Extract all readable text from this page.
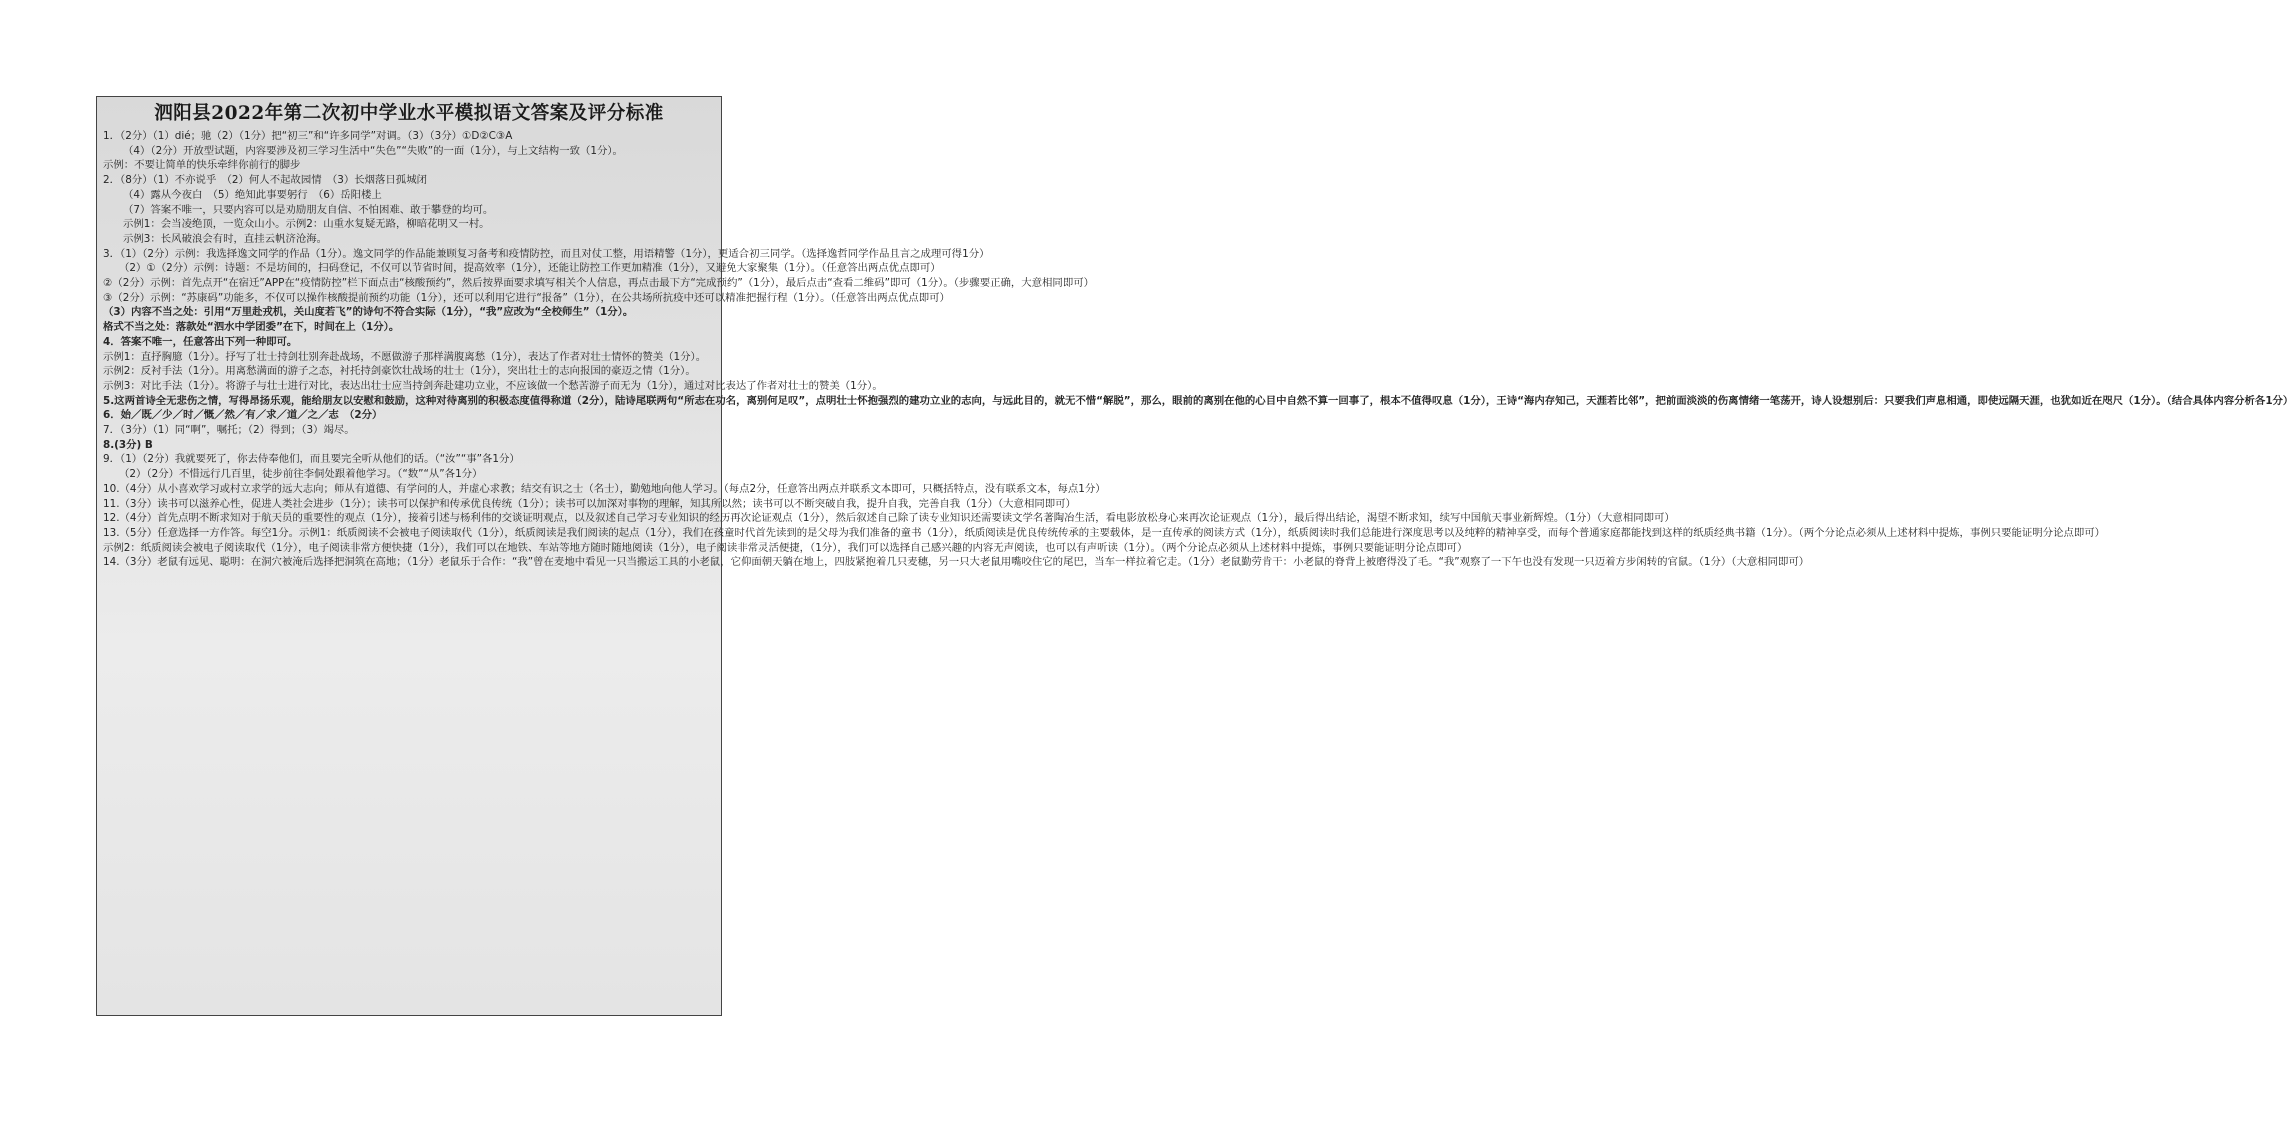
泗阳县2022年第二次初中学业水平模拟语文答案及评分标准

1．（2分）（1）dié；驰（2）（1分）把“初三”和“许多同学”对调。（3）（3分）①D②C③A

（4）（2分）开放型试题，内容要涉及初三学习生活中“失色”“失败”的一面（1分），与上文结构一致（1分）。

示例：不要让简单的快乐牵绊你前行的脚步

2．（8分）（1）不亦说乎　（2）何人不起故园情　（3）长烟落日孤城闭

（4）露从今夜白　（5）绝知此事要躬行　（6）岳阳楼上

（7）答案不唯一，只要内容可以是劝励朋友自信、不怕困难、敢于攀登的均可。

示例1：会当凌绝顶，一览众山小。示例2：山重水复疑无路，柳暗花明又一村。

示例3：长风破浪会有时，直挂云帆济沧海。

3．（1）（2分）示例：我选择逸文同学的作品（1分）。逸文同学的作品能兼顾复习备考和疫情防控，而且对仗工整，用语精警（1分），更适合初三同学。（选择逸哲同学作品且言之成理可得1分）

（2）①（2分）示例：诗题：不是坊间的，扫码登记，不仅可以节省时间，提高效率（1分），还能让防控工作更加精准（1分），又避免大家聚集（1分）。（任意答出两点优点即可）

②（2分）示例：首先点开“在宿迁”APP在“疫情防控”栏下面点击“核酸预约”，然后按界面要求填写相关个人信息，再点击最下方“完成预约”（1分），最后点击“查看二维码”即可（1分）。（步骤要正确，大意相同即可）

③（2分）示例：“苏康码”功能多，不仅可以操作核酸提前预约功能（1分），还可以利用它进行“报备”（1分），在公共场所抗疫中还可以精准把握行程（1分）。（任意答出两点优点即可）

（3）内容不当之处：引用“万里赴戎机，关山度若飞”的诗句不符合实际（1分），“我”应改为“全校师生”（1分）。

格式不当之处：落款处“泗水中学团委”在下，时间在上（1分）。

4．答案不唯一，任意答出下列一种即可。

示例1：直抒胸臆（1分）。抒写了壮士持剑壮别奔赴战场，不愿做游子那样满腹离愁（1分），表达了作者对壮士情怀的赞美（1分）。

示例2：反衬手法（1分）。用离愁满面的游子之态，衬托持剑豪饮壮战场的壮士（1分），突出壮士的志向报国的豪迈之情（1分）。

示例3：对比手法（1分）。将游子与壮士进行对比，表达出壮士应当持剑奔赴建功立业，不应该做一个愁苦游子而无为（1分），通过对比表达了作者对壮士的赞美（1分）。

5.这两首诗全无悲伤之情，写得昂扬乐观，能给朋友以安慰和鼓励，这种对待离别的积极态度值得称道（2分），陆诗尾联两句“所志在功名，离别何足叹”，点明壮士怀抱强烈的建功立业的志向，与远此目的，就无不惜“解脱”，那么，眼前的离别在他的心目中自然不算一回事了，根本不值得叹息（1分），王诗“海内存知己，天涯若比邻”，把前面淡淡的伤离情绪一笔荡开，诗人设想别后：只要我们声息相通，即使远隔天涯，也犹如近在咫尺（1分）。（结合具体内容分析各1分）

6．始／既／少／时／慨／然／有／求／道／之／志　（2分）

7．（3分）（1）同“啊”，嘱托；（2）得到；（3）竭尽。

8.(3分) B

9．（1）（2分）我就要死了，你去侍奉他们，而且要完全听从他们的话。（“汝”“事”各1分）

（2）（2分）不惜远行几百里，徒步前往李侗处跟着他学习。（“数”“从”各1分）

10.（4分）从小喜欢学习或村立求学的远大志向；师从有道德、有学问的人，并虚心求教；结交有识之士（名士），勤勉地向他人学习。（每点2分，任意答出两点并联系文本即可，只概括特点，没有联系文本，每点1分）

11.（3分）读书可以滋养心性，促进人类社会进步（1分）；读书可以保护和传承优良传统（1分）；读书可以加深对事物的理解，知其所以然；读书可以不断突破自我，提升自我，完善自我（1分）（大意相同即可）

12.（4分）首先点明不断求知对于航天员的重要性的观点（1分），接着引述与杨利伟的交谈证明观点，以及叙述自己学习专业知识的经历再次论证观点（1分），然后叙述自己除了读专业知识还需要读文学名著陶冶生活，看电影放松身心来再次论证观点（1分），最后得出结论，渴望不断求知，续写中国航天事业新辉煌。（1分）（大意相同即可）

13.（5分）任意选择一方作答。每空1分。示例1：纸质阅读不会被电子阅读取代（1分），纸质阅读是我们阅读的起点（1分），我们在孩童时代首先读到的是父母为我们准备的童书（1分），纸质阅读是优良传统传承的主要载体，是一直传承的阅读方式（1分），纸质阅读时我们总能进行深度思考以及纯粹的精神享受，而每个普通家庭都能找到这样的纸质经典书籍（1分）。（两个分论点必须从上述材料中提炼，事例只要能证明分论点即可）

示例2：纸质阅读会被电子阅读取代（1分），电子阅读非常方便快捷（1分），我们可以在地铁、车站等地方随时随地阅读（1分），电子阅读非常灵活便捷，（1分），我们可以选择自己感兴趣的内容无声阅读，也可以有声听读（1分）。（两个分论点必须从上述材料中提炼，事例只要能证明分论点即可）

14.（3分）老鼠有远见、聪明：在洞穴被淹后选择把洞筑在高地；（1分）老鼠乐于合作：“我”曾在麦地中看见一只当搬运工具的小老鼠，它仰面朝天躺在地上，四肢紧抱着几只麦穗，另一只大老鼠用嘴咬住它的尾巴，当车一样拉着它走。（1分）老鼠勤劳肯干：小老鼠的脊背上被磨得没了毛。“我”观察了一下午也没有发现一只迈着方步闲转的官鼠。（1分）（大意相同即可）
